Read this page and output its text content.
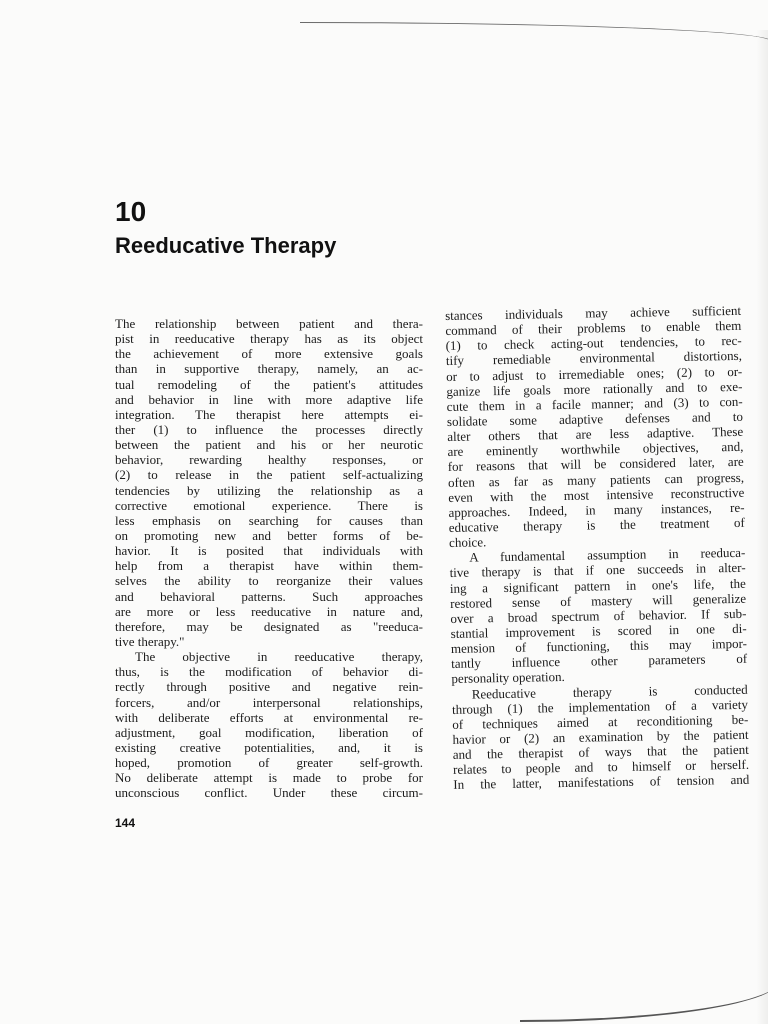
10
Reeducative Therapy
The relationship between patient and thera-
pist in reeducative therapy has as its object
the achievement of more extensive goals
than in supportive therapy, namely, an ac-
tual remodeling of the patient's attitudes
and behavior in line with more adaptive life
integration. The therapist here attempts ei-
ther (1) to influence the processes directly
between the patient and his or her neurotic
behavior, rewarding healthy responses, or
(2) to release in the patient self-actualizing
tendencies by utilizing the relationship as a
corrective emotional experience. There is
less emphasis on searching for causes than
on promoting new and better forms of be-
havior. It is posited that individuals with
help from a therapist have within them-
selves the ability to reorganize their values
and behavioral patterns. Such approaches
are more or less reeducative in nature and,
therefore, may be designated as "reeduca-
tive therapy."
The objective in reeducative therapy,
thus, is the modification of behavior di-
rectly through positive and negative rein-
forcers, and/or interpersonal relationships,
with deliberate efforts at environmental re-
adjustment, goal modification, liberation of
existing creative potentialities, and, it is
hoped, promotion of greater self-growth.
No deliberate attempt is made to probe for
unconscious conflict. Under these circum-
stances individuals may achieve sufficient
command of their problems to enable them
(1) to check acting-out tendencies, to rec-
tify remediable environmental distortions,
or to adjust to irremediable ones; (2) to or-
ganize life goals more rationally and to exe-
cute them in a facile manner; and (3) to con-
solidate some adaptive defenses and to
alter others that are less adaptive. These
are eminently worthwhile objectives, and,
for reasons that will be considered later, are
often as far as many patients can progress,
even with the most intensive reconstructive
approaches. Indeed, in many instances, re-
educative therapy is the treatment of
choice.
A fundamental assumption in reeduca-
tive therapy is that if one succeeds in alter-
ing a significant pattern in one's life, the
restored sense of mastery will generalize
over a broad spectrum of behavior. If sub-
stantial improvement is scored in one di-
mension of functioning, this may impor-
tantly influence other parameters of
personality operation.
Reeducative therapy is conducted
through (1) the implementation of a variety
of techniques aimed at reconditioning be-
havior or (2) an examination by the patient
and the therapist of ways that the patient
relates to people and to himself or herself.
In the latter, manifestations of tension and
144
